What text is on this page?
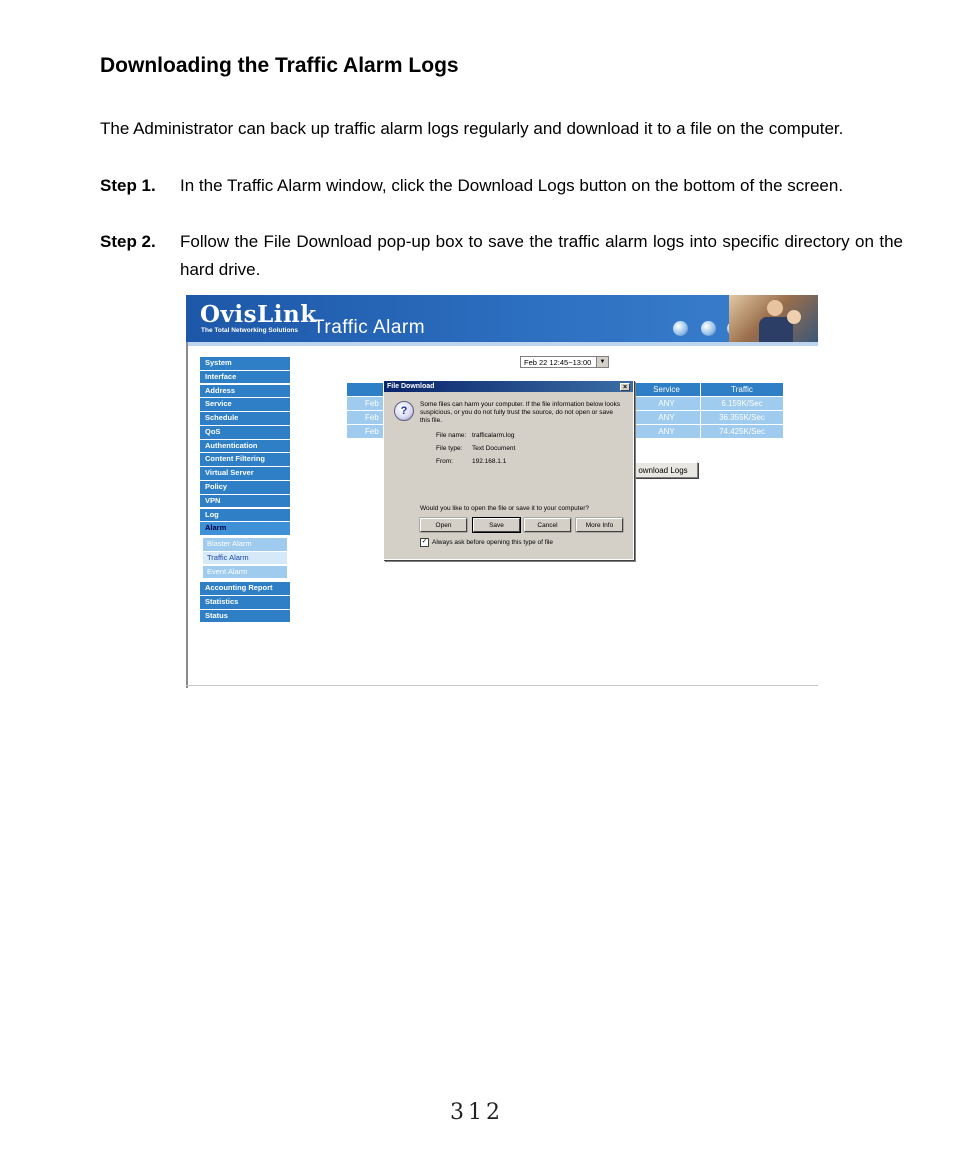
Downloading the Traffic Alarm Logs
The Administrator can back up traffic alarm logs regularly and download it to a file on the computer.
Step 1. In the Traffic Alarm window, click the Download Logs button on the bottom of the screen.
Step 2. Follow the File Download pop-up box to save the traffic alarm logs into specific directory on the hard drive.
OvisLink
The Total Networking Solutions Traffic Alarm
System
Interface
Address
Service
Schedule
QoS
Authentication
Content Filtering
Virtual Server
Policy
VPN
Log
Alarm
Blaster Alarm
Traffic Alarm
Event Alarm
Accounting Report
Statistics
Status
Feb 22 12:45~13:00	▼
	Service	Traffic
Feb	ANY	6.159K/Sec
Feb	ANY	36.355K/Sec
Feb	ANY	74.425K/Sec
ownload Logs
File Download	×
?
Some files can harm your computer. If the file information below looks suspicious, or you do not fully trust the source, do not open or save this file.
File name: trafficalarm.log
File type:	Text Document
From:	192.168.1.1
Would you like to open the file or save it to your computer?
Open	Save	Cancel	More Info
✓ Always ask before opening this type of file
312
